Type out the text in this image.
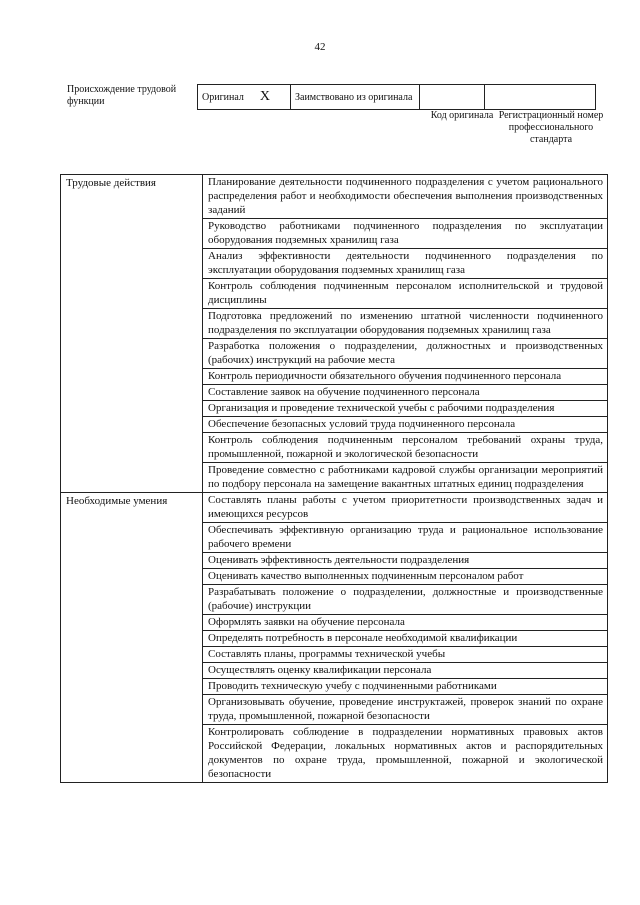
42
Происхождение трудовой функции	Оригинал X	Заимствовано из оригинала		
Код оригинала Регистрационный номер профессионального стандарта
Трудовые действия	Планирование деятельности подчиненного подразделения с учетом рационального распределения работ и необходимости обеспечения выполнения производственных заданий
	Руководство работниками подчиненного подразделения по эксплуатации оборудования подземных хранилищ газа
	Анализ эффективности деятельности подчиненного подразделения по эксплуатации оборудования подземных хранилищ газа
	Контроль соблюдения подчиненным персоналом исполнительской и трудовой дисциплины
	Подготовка предложений по изменению штатной численности подчиненного подразделения по эксплуатации оборудования подземных хранилищ газа
	Разработка положения о подразделении, должностных и производственных (рабочих) инструкций на рабочие места
	Контроль периодичности обязательного обучения подчиненного персонала
	Составление заявок на обучение подчиненного персонала
	Организация и проведение технической учебы с рабочими подразделения
	Обеспечение безопасных условий труда подчиненного персонала
	Контроль соблюдения подчиненным персоналом требований охраны труда, промышленной, пожарной и экологической безопасности
	Проведение совместно с работниками кадровой службы организации мероприятий по подбору персонала на замещение вакантных штатных единиц подразделения
Необходимые умения	Составлять планы работы с учетом приоритетности производственных задач и имеющихся ресурсов
	Обеспечивать эффективную организацию труда и рациональное использование рабочего времени
	Оценивать эффективность деятельности подразделения
	Оценивать качество выполненных подчиненным персоналом работ
	Разрабатывать положение о подразделении, должностные и производственные (рабочие) инструкции
	Оформлять заявки на обучение персонала
	Определять потребность в персонале необходимой квалификации
	Составлять планы, программы технической учебы
	Осуществлять оценку квалификации персонала
	Проводить техническую учебу с подчиненными работниками
	Организовывать обучение, проведение инструктажей, проверок знаний по охране труда, промышленной, пожарной безопасности
	Контролировать соблюдение в подразделении нормативных правовых актов Российской Федерации, локальных нормативных актов и распорядительных документов по охране труда, промышленной, пожарной и экологической безопасности
